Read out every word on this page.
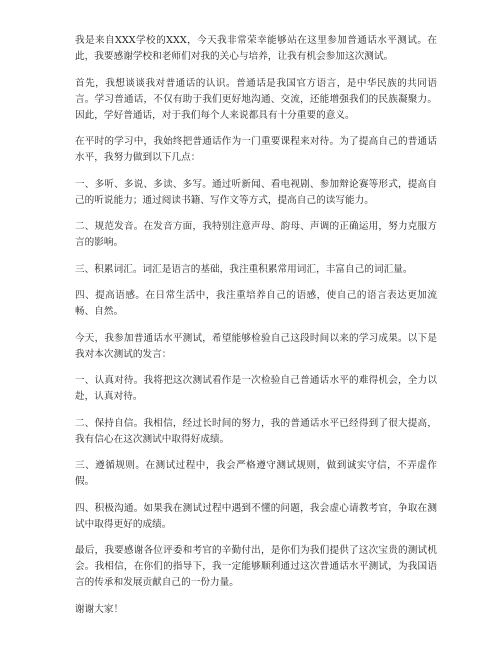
我是来自XXX学校的XXX，今天我非常荣幸能够站在这里参加普通话水平测试。在此，我要感谢学校和老师们对我的关心与培养，让我有机会参加这次测试。

首先，我想谈谈我对普通话的认识。普通话是我国官方语言，是中华民族的共同语言。学习普通话，不仅有助于我们更好地沟通、交流，还能增强我们的民族凝聚力。因此，学好普通话，对于我们每个人来说都具有十分重要的意义。

在平时的学习中，我始终把普通话作为一门重要课程来对待。为了提高自己的普通话水平，我努力做到以下几点：

一、多听、多说、多读、多写。通过听新闻、看电视剧、参加辩论赛等形式，提高自己的听说能力；通过阅读书籍、写作文等方式，提高自己的读写能力。

二、规范发音。在发音方面，我特别注意声母、韵母、声调的正确运用，努力克服方言的影响。

三、积累词汇。词汇是语言的基础，我注重积累常用词汇，丰富自己的词汇量。

四、提高语感。在日常生活中，我注重培养自己的语感，使自己的语言表达更加流畅、自然。

今天，我参加普通话水平测试，希望能够检验自己这段时间以来的学习成果。以下是我对本次测试的发言：

一、认真对待。我将把这次测试看作是一次检验自己普通话水平的难得机会，全力以赴，认真对待。

二、保持自信。我相信，经过长时间的努力，我的普通话水平已经得到了很大提高，我有信心在这次测试中取得好成绩。

三、遵循规则。在测试过程中，我会严格遵守测试规则，做到诚实守信，不弄虚作假。

四、积极沟通。如果我在测试过程中遇到不懂的问题，我会虚心请教考官，争取在测试中取得更好的成绩。

最后，我要感谢各位评委和考官的辛勤付出，是你们为我们提供了这次宝贵的测试机会。我相信，在你们的指导下，我一定能够顺利通过这次普通话水平测试，为我国语言的传承和发展贡献自己的一份力量。

谢谢大家！
